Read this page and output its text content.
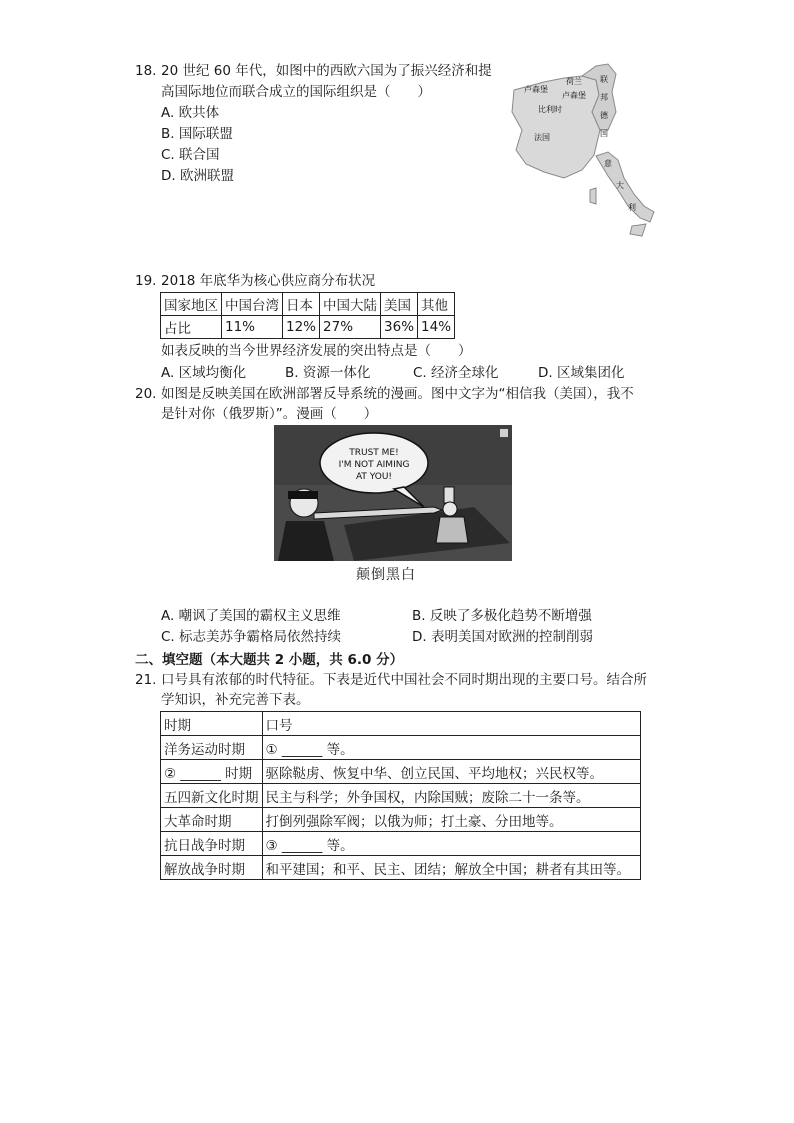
18. 20 世纪 60 年代，如图中的西欧六国为了振兴经济和提
高国际地位而联合成立的国际组织是（　　）
A. 欧共体
B. 国际联盟
C. 联合国
D. 欧洲联盟
荷兰
卢森堡
比利时
卢森堡
法国
联
邦
德
国
意
大
利
19. 2018 年底华为核心供应商分布状况
国家地区	中国台湾	日本	中国大陆	美国	其他
占比	11%	12%	27%	36%	14%
如表反映的当今世界经济发展的突出特点是（　　）
A. 区域均衡化	B. 资源一体化	C. 经济全球化	D. 区域集团化
20. 如图是反映美国在欧洲部署反导系统的漫画。图中文字为“相信我（美国），我不
是针对你（俄罗斯）”。漫画（　　）
TRUST ME!
I'M NOT AIMING
AT YOU!
颠倒黑白
A. 嘲讽了美国的霸权主义思维	B. 反映了多极化趋势不断增强
C. 标志美苏争霸格局依然持续	D. 表明美国对欧洲的控制削弱
二、填空题（本大题共 2 小题，共 6.0 分）
21. 口号具有浓郁的时代特征。下表是近代中国社会不同时期出现的主要口号。结合所
学知识，补充完善下表。
时期	口号
洋务运动时期	① ______ 等。
② ______ 时期	驱除鞑虏、恢复中华、创立民国、平均地权；兴民权等。
五四新文化时期	民主与科学；外争国权，内除国贼；废除二十一条等。
大革命时期	打倒列强除军阀；以俄为师；打土豪、分田地等。
抗日战争时期	③ ______ 等。
解放战争时期	和平建国；和平、民主、团结；解放全中国；耕者有其田等。
